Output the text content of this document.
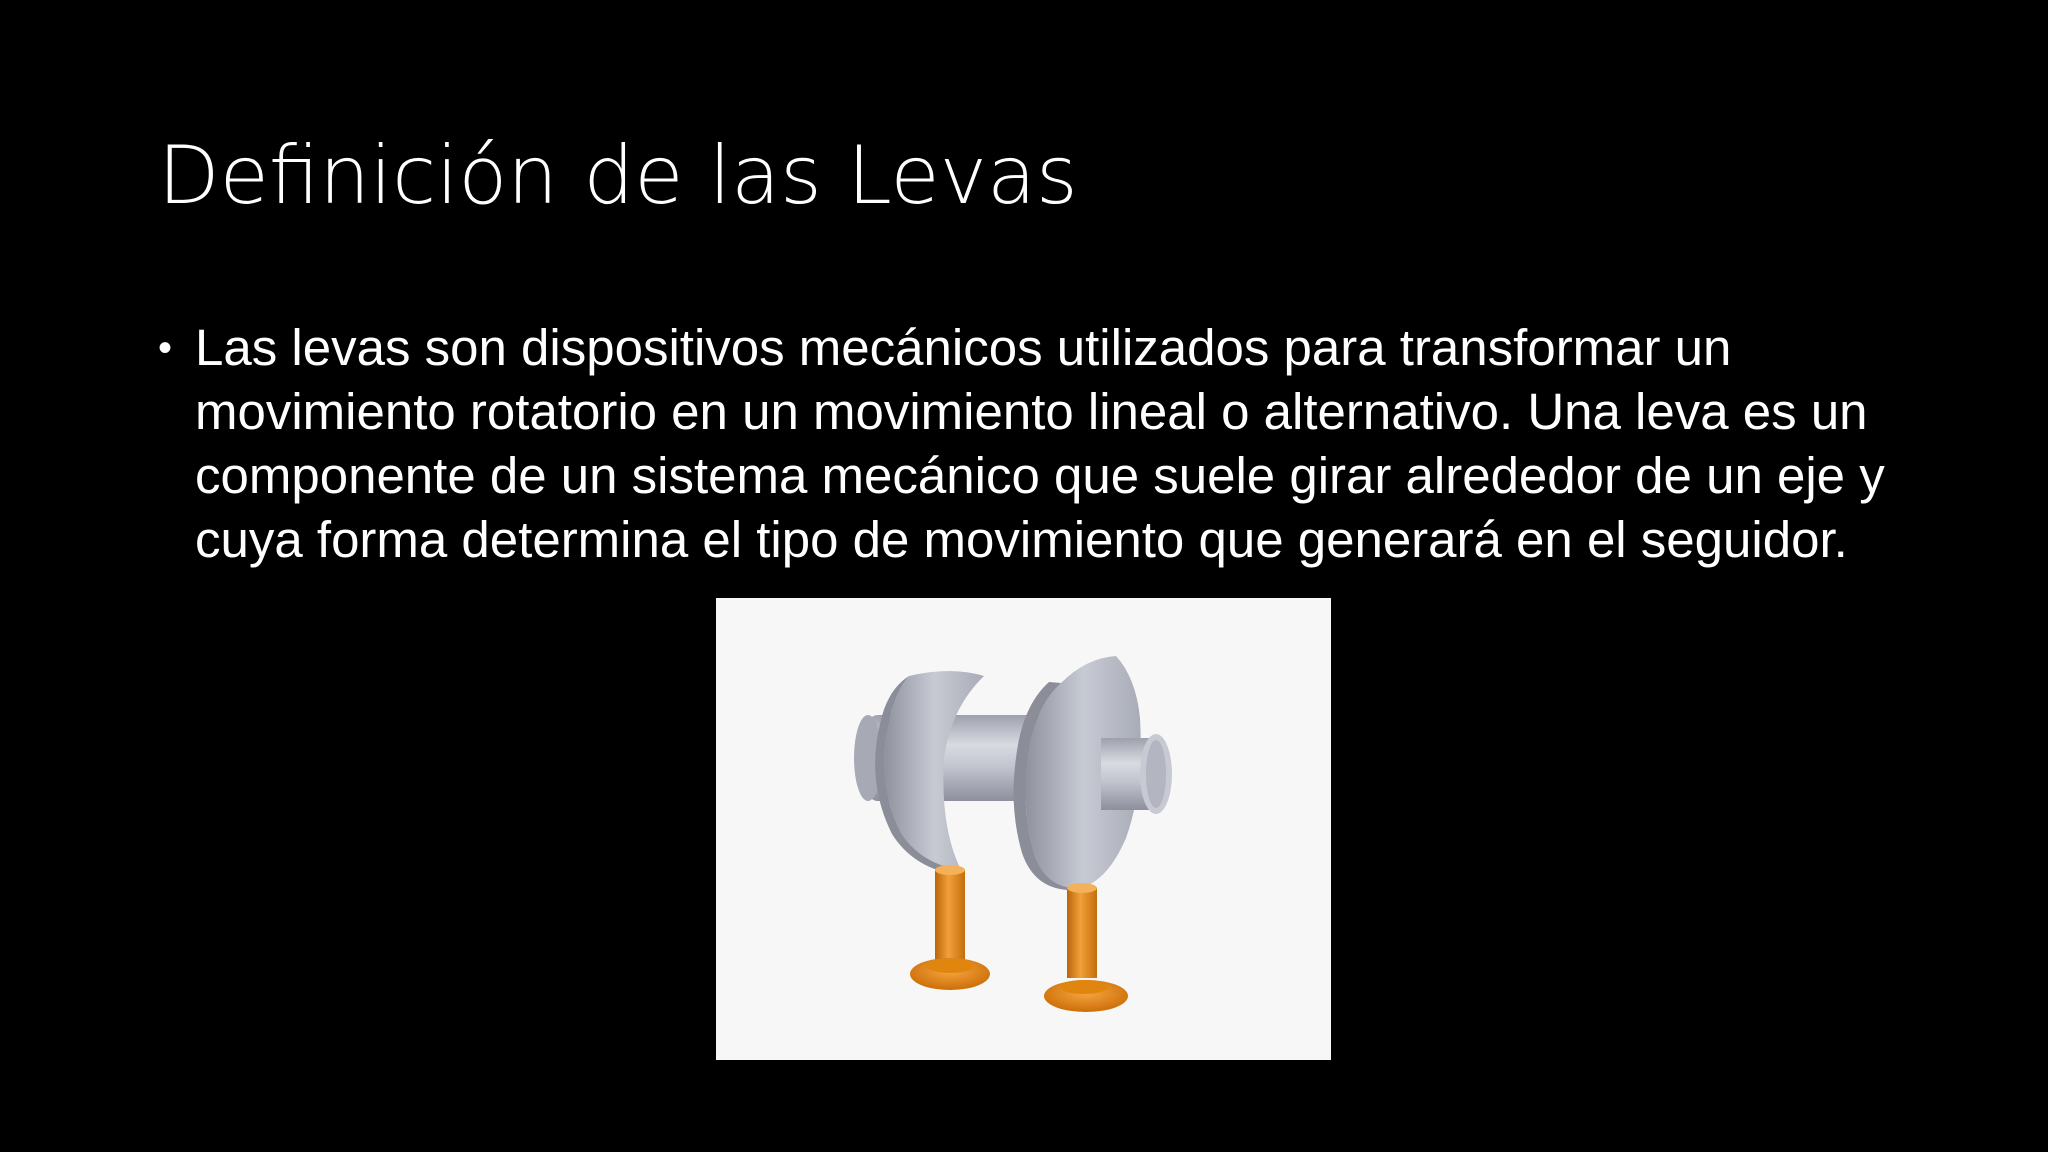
Definición de las Levas
• Las levas son dispositivos mecánicos utilizados para transformar un movimiento rotatorio en un movimiento lineal o alternativo. Una leva es un componente de un sistema mecánico que suele girar alrededor de un eje y cuya forma determina el tipo de movimiento que generará en el seguidor.
